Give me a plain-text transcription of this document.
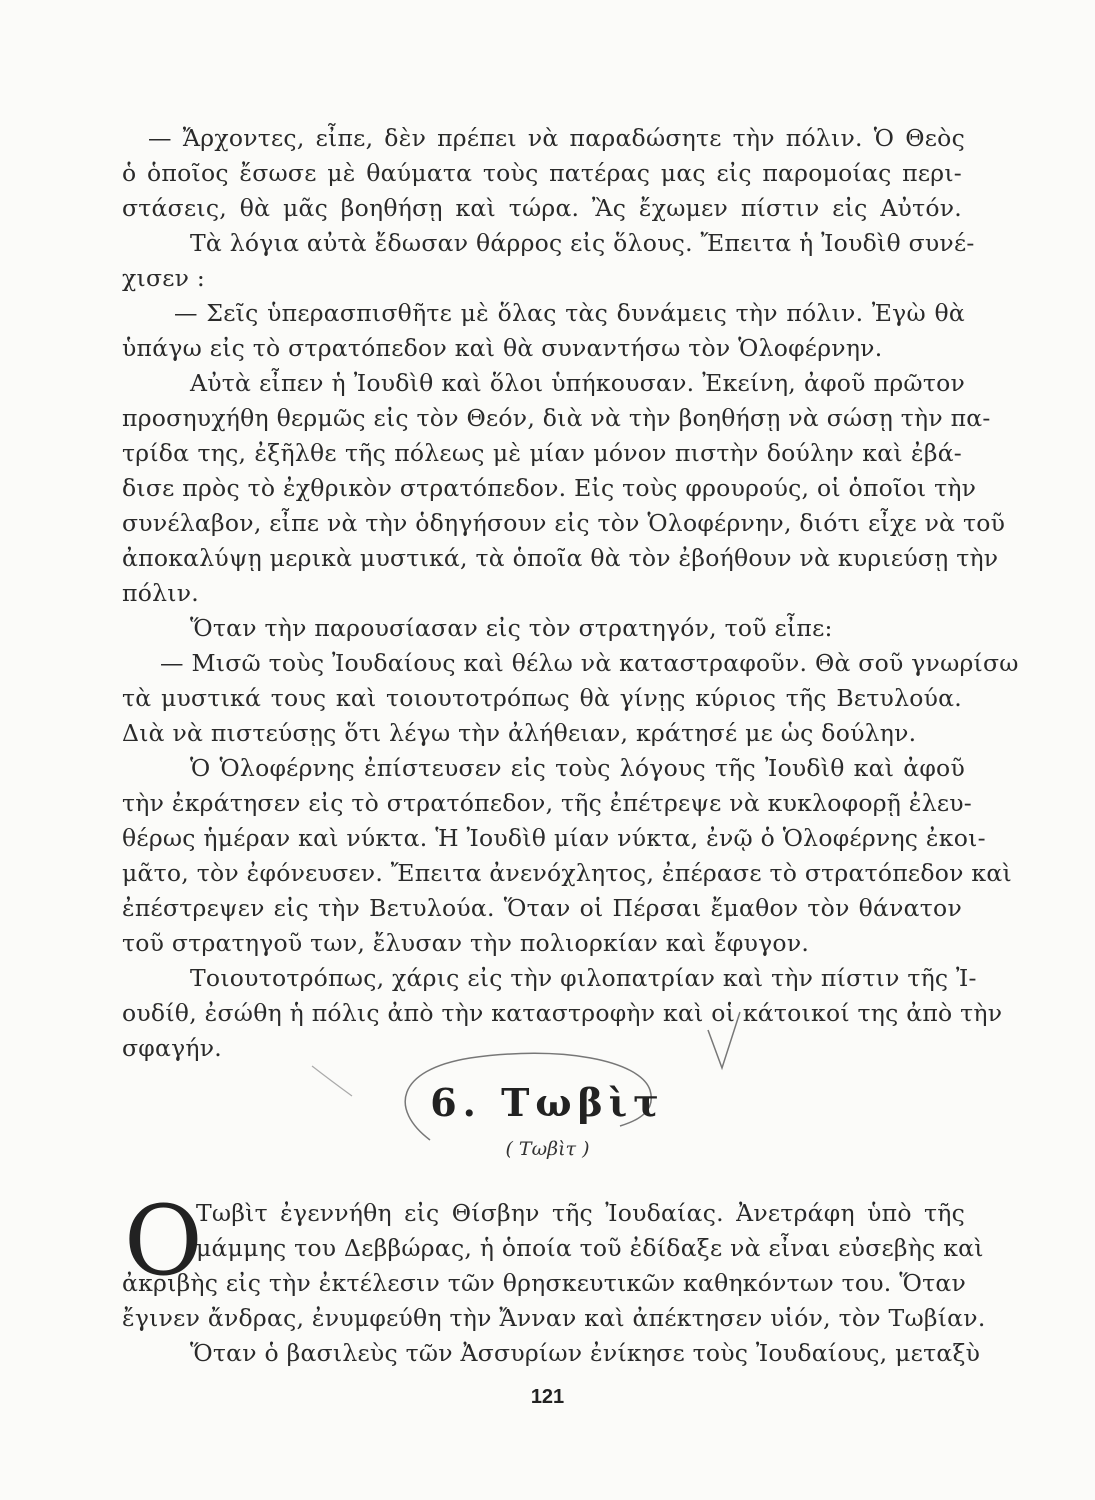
— Ἄρχοντες, εἶπε, δὲν πρέπει νὰ παραδώσητε τὴν πόλιν. Ὁ Θεὸς
ὁ ὁποῖος ἔσωσε μὲ θαύματα τοὺς πατέρας μας εἰς παρομοίας περι-
στάσεις, θὰ μᾶς βοηθήσῃ καὶ τώρα. Ἂς ἔχωμεν πίστιν εἰς Αὐτόν.
Τὰ λόγια αὐτὰ ἔδωσαν θάρρος εἰς ὅλους. Ἔπειτα ἡ Ἰουδὶθ συνέ-
χισεν :
— Σεῖς ὑπερασπισθῆτε μὲ ὅλας τὰς δυνάμεις τὴν πόλιν. Ἐγὼ θὰ
ὑπάγω εἰς τὸ στρατόπεδον καὶ θὰ συναντήσω τὸν Ὁλοφέρνην.
Αὐτὰ εἶπεν ἡ Ἰουδὶθ καὶ ὅλοι ὑπήκουσαν. Ἐκείνη, ἀφοῦ πρῶτον
προσηυχήθη θερμῶς εἰς τὸν Θεόν, διὰ νὰ τὴν βοηθήσῃ νὰ σώσῃ τὴν πα-
τρίδα της, ἐξῆλθε τῆς πόλεως μὲ μίαν μόνον πιστὴν δούλην καὶ ἐβά-
δισε πρὸς τὸ ἐχθρικὸν στρατόπεδον. Εἰς τοὺς φρουρούς, οἱ ὁποῖοι τὴν
συνέλαβον, εἶπε νὰ τὴν ὁδηγήσουν εἰς τὸν Ὁλοφέρνην, διότι εἶχε νὰ τοῦ
ἀποκαλύψῃ μερικὰ μυστικά, τὰ ὁποῖα θὰ τὸν ἐβοήθουν νὰ κυριεύσῃ τὴν
πόλιν.
Ὅταν τὴν παρουσίασαν εἰς τὸν στρατηγόν, τοῦ εἶπε:
— Μισῶ τοὺς Ἰουδαίους καὶ θέλω νὰ καταστραφοῦν. Θὰ σοῦ γνωρίσω
τὰ μυστικά τους καὶ τοιουτοτρόπως θὰ γίνῃς κύριος τῆς Βετυλούα.
Διὰ νὰ πιστεύσῃς ὅτι λέγω τὴν ἀλήθειαν, κράτησέ με ὡς δούλην.
Ὁ Ὁλοφέρνης ἐπίστευσεν εἰς τοὺς λόγους τῆς Ἰουδὶθ καὶ ἀφοῦ
τὴν ἐκράτησεν εἰς τὸ στρατόπεδον, τῆς ἐπέτρεψε νὰ κυκλοφορῇ ἐλευ-
θέρως ἡμέραν καὶ νύκτα. Ἡ Ἰουδὶθ μίαν νύκτα, ἐνῷ ὁ Ὁλοφέρνης ἐκοι-
μᾶτο, τὸν ἐφόνευσεν. Ἔπειτα ἀνενόχλητος, ἐπέρασε τὸ στρατόπεδον καὶ
ἐπέστρεψεν εἰς τὴν Βετυλούα. Ὅταν οἱ Πέρσαι ἔμαθον τὸν θάνατον
τοῦ στρατηγοῦ των, ἔλυσαν τὴν πολιορκίαν καὶ ἔφυγον.
Τοιουτοτρόπως, χάρις εἰς τὴν φιλοπατρίαν καὶ τὴν πίστιν τῆς Ἰ-
ουδίθ, ἐσώθη ἡ πόλις ἀπὸ τὴν καταστροφὴν καὶ οἱ κάτοικοί της ἀπὸ τὴν
σφαγήν.
6. Τωβὶτ
( Τωβὶτ )
Ο
Τωβὶτ ἐγεννήθη εἰς Θίσβην τῆς Ἰουδαίας. Ἀνετράφη ὑπὸ τῆς
μάμμης του Δεββώρας, ἡ ὁποία τοῦ ἐδίδαξε νὰ εἶναι εὐσεβὴς καὶ
ἀκριβὴς εἰς τὴν ἐκτέλεσιν τῶν θρησκευτικῶν καθηκόντων του. Ὅταν
ἔγινεν ἄνδρας, ἐνυμφεύθη τὴν Ἄνναν καὶ ἀπέκτησεν υἱόν, τὸν Τωβίαν.
Ὅταν ὁ βασιλεὺς τῶν Ἀσσυρίων ἐνίκησε τοὺς Ἰουδαίους, μεταξὺ
121
